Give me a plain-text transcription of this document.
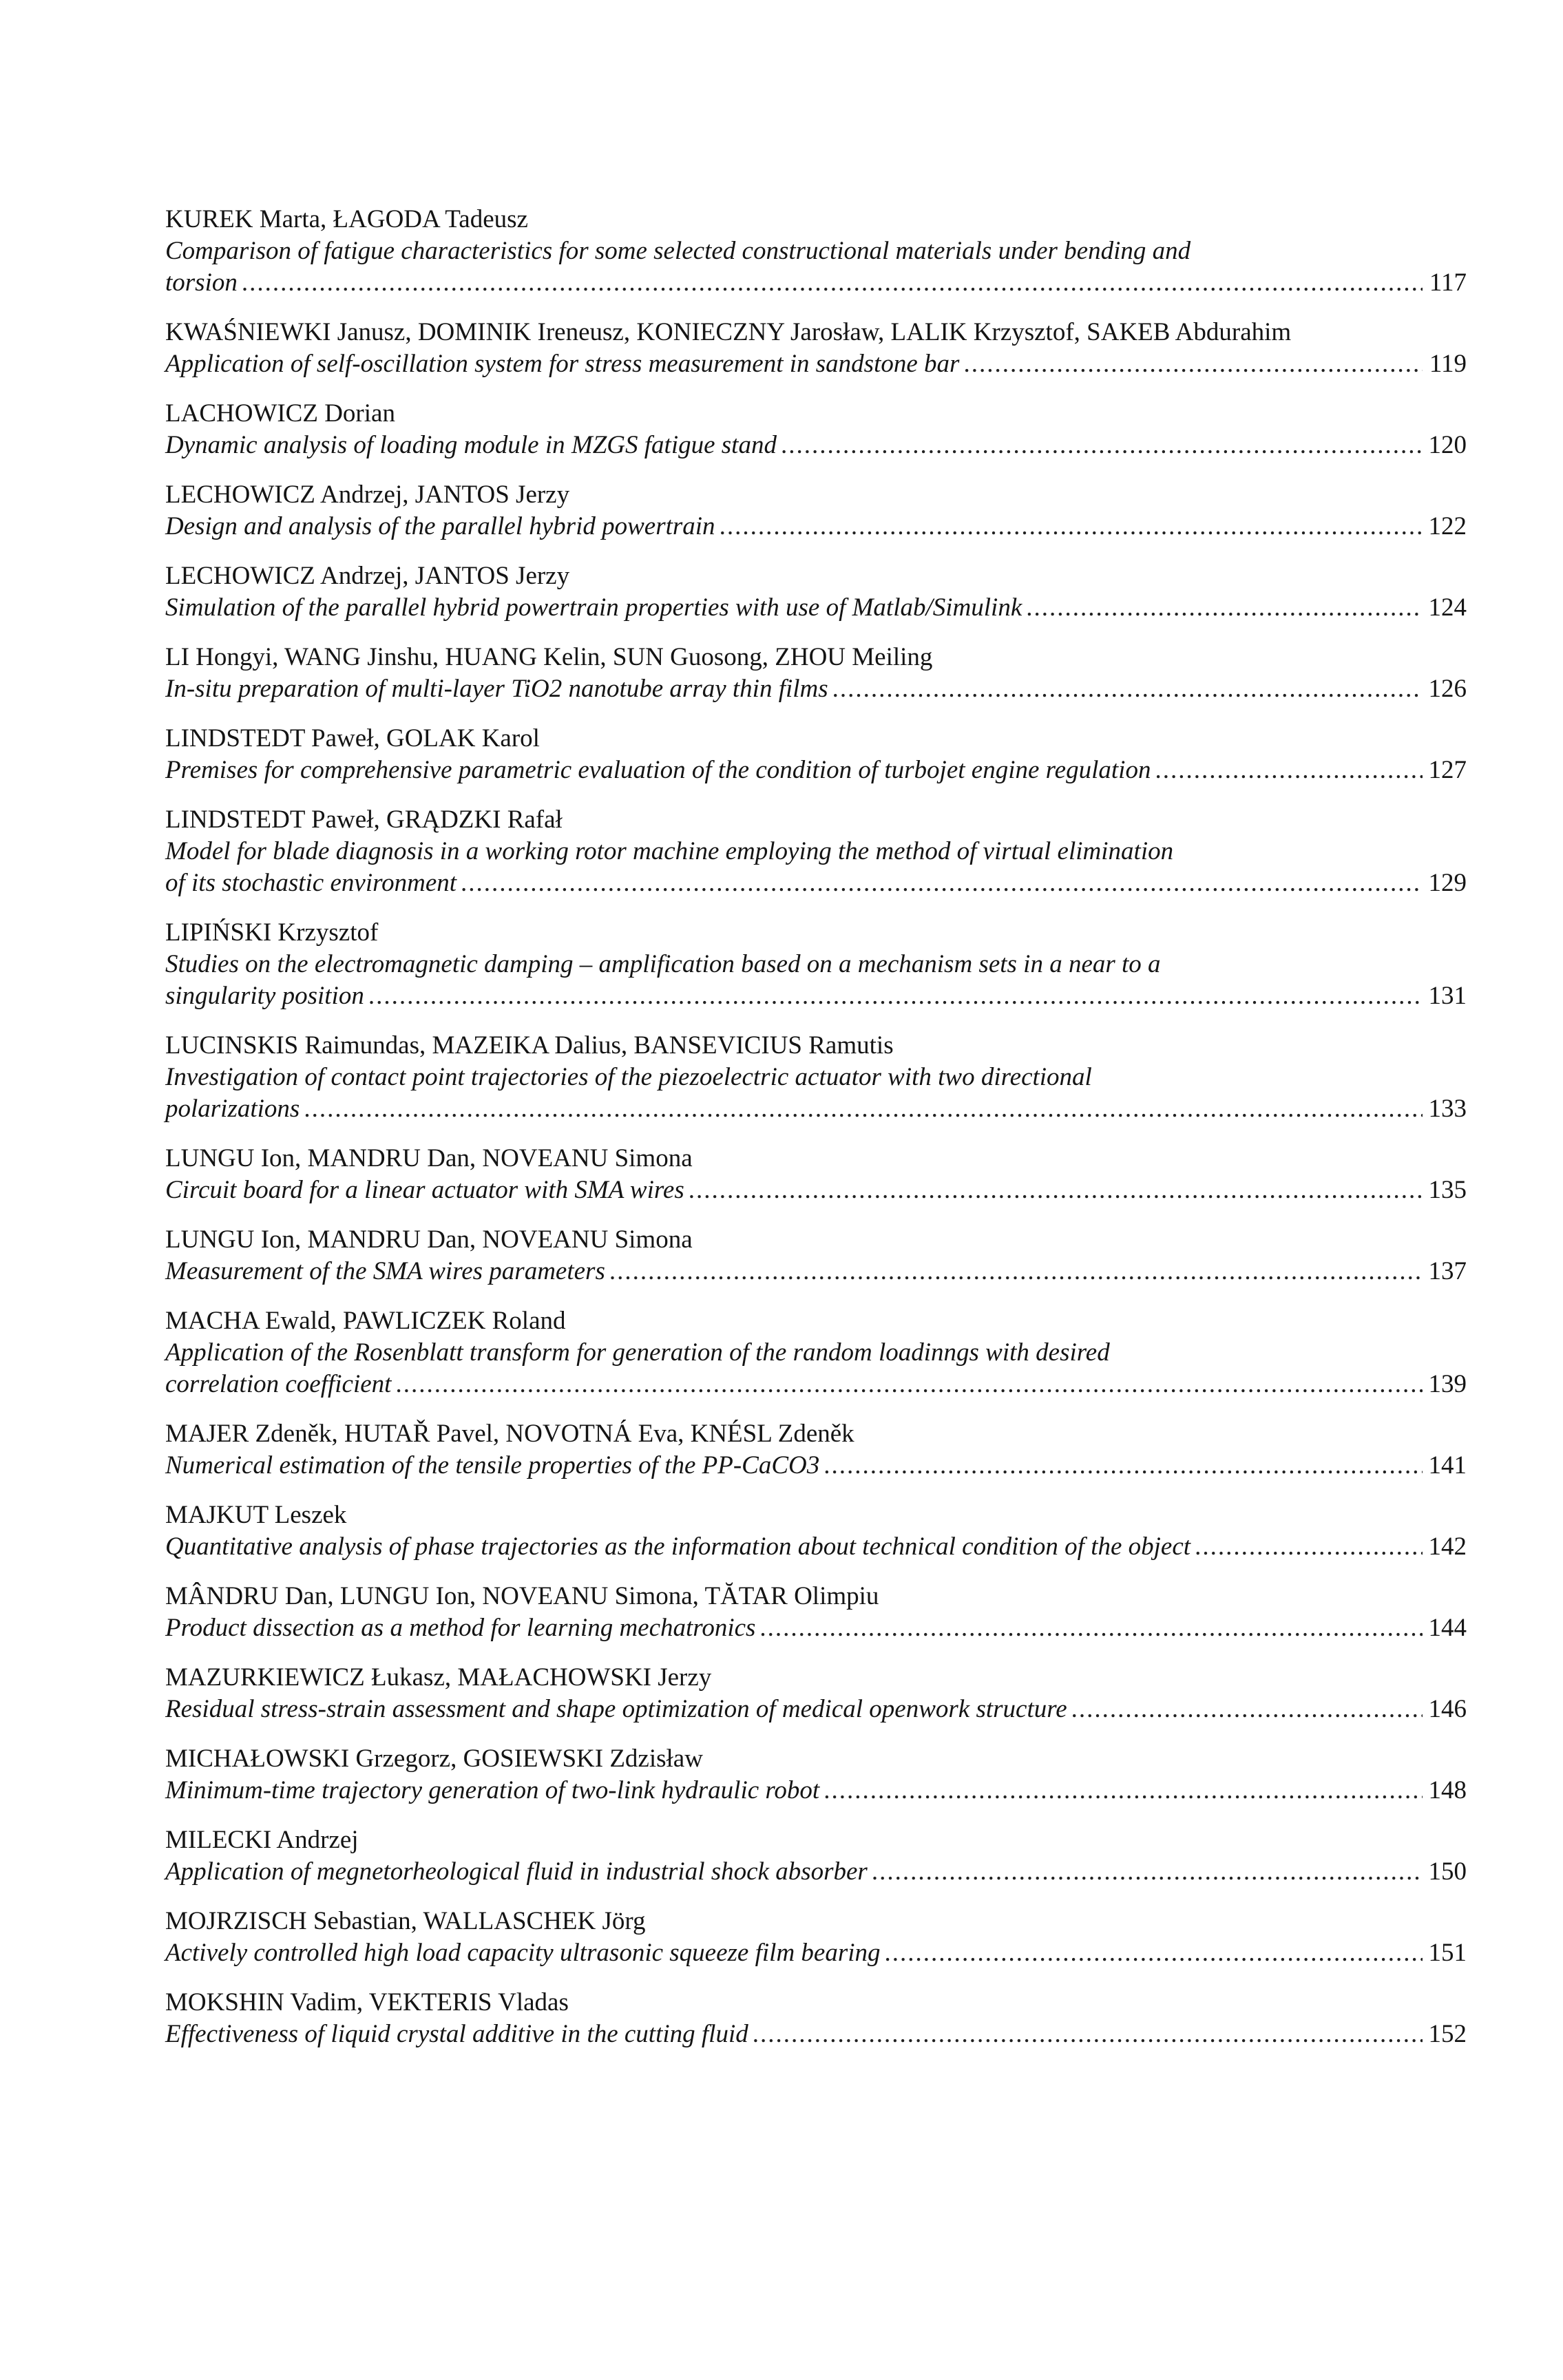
KUREK Marta, ŁAGODA Tadeusz
Comparison of fatigue characteristics for some selected constructional materials under bending and
torsion .....	117
KWAŚNIEWKI Janusz, DOMINIK Ireneusz, KONIECZNY Jarosław, LALIK Krzysztof, SAKEB Abdurahim
Application of self-oscillation system for stress measurement in sandstone bar .....	119
LACHOWICZ Dorian
Dynamic analysis of loading module in MZGS fatigue stand .....	120
LECHOWICZ Andrzej, JANTOS Jerzy
Design and analysis of the parallel hybrid powertrain .....	122
LECHOWICZ Andrzej, JANTOS Jerzy
Simulation of the parallel hybrid powertrain properties with use of Matlab/Simulink .....	124
LI Hongyi, WANG Jinshu, HUANG Kelin, SUN Guosong, ZHOU Meiling
In-situ preparation of multi-layer TiO2 nanotube array thin films .....	126
LINDSTEDT Paweł, GOLAK Karol
Premises for comprehensive parametric evaluation of the condition of turbojet engine regulation .....	127
LINDSTEDT Paweł, GRĄDZKI Rafał
Model for blade diagnosis in a working rotor machine employing the method of virtual elimination
of its stochastic environment .....	129
LIPIŃSKI Krzysztof
Studies on the electromagnetic damping – amplification based on a mechanism sets in a near to a
singularity position .....	131
LUCINSKIS Raimundas, MAZEIKA Dalius, BANSEVICIUS Ramutis
Investigation of contact point trajectories of the piezoelectric actuator with two directional
polarizations .....	133
LUNGU Ion, MANDRU Dan, NOVEANU Simona
Circuit board for a linear actuator with SMA wires .....	135
LUNGU Ion, MANDRU Dan, NOVEANU Simona
Measurement of the SMA wires parameters .....	137
MACHA Ewald, PAWLICZEK Roland
Application of the Rosenblatt transform for generation of the random loadinngs with desired
correlation coefficient .....	139
MAJER Zdeněk, HUTAŘ Pavel, NOVOTNÁ Eva, KNÉSL Zdeněk
Numerical estimation of the tensile properties of the PP-CaCO3 .....	141
MAJKUT Leszek
Quantitative analysis of phase trajectories as the information about technical condition of the object .....	142
MÂNDRU Dan, LUNGU Ion, NOVEANU Simona, TĂTAR Olimpiu
Product dissection as a method for learning mechatronics .....	144
MAZURKIEWICZ Łukasz, MAŁACHOWSKI Jerzy
Residual stress-strain assessment and shape optimization of medical openwork structure .....	146
MICHAŁOWSKI Grzegorz, GOSIEWSKI Zdzisław
Minimum-time trajectory generation of two-link hydraulic robot .....	148
MILECKI Andrzej
Application of megnetorheological fluid in industrial shock absorber .....	150
MOJRZISCH Sebastian, WALLASCHEK Jörg
Actively controlled high load capacity ultrasonic squeeze film bearing .....	151
MOKSHIN Vadim, VEKTERIS Vladas
Effectiveness of liquid crystal additive in the cutting fluid .....	152
